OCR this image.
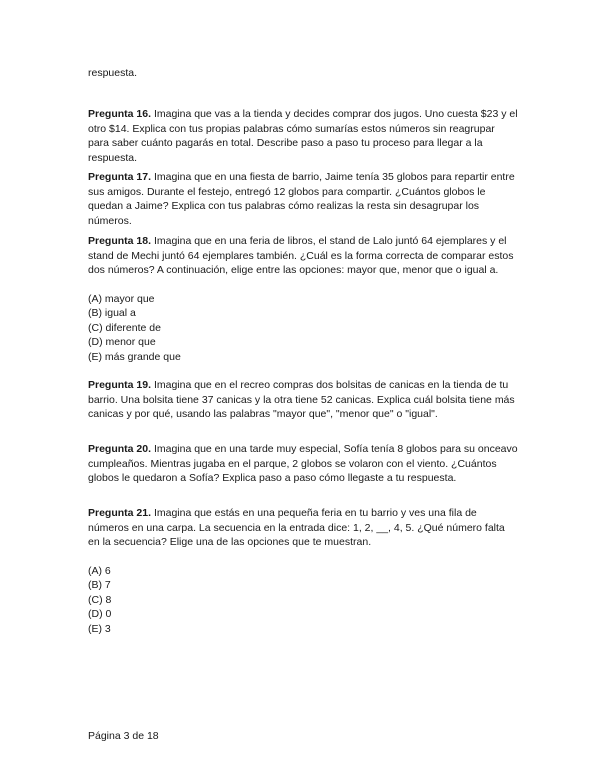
respuesta.

Pregunta 16. Imagina que vas a la tienda y decides comprar dos jugos. Uno cuesta $23 y el otro $14. Explica con tus propias palabras cómo sumarías estos números sin reagrupar para saber cuánto pagarás en total. Describe paso a paso tu proceso para llegar a la respuesta.

Pregunta 17. Imagina que en una fiesta de barrio, Jaime tenía 35 globos para repartir entre sus amigos. Durante el festejo, entregó 12 globos para compartir. ¿Cuántos globos le quedan a Jaime? Explica con tus palabras cómo realizas la resta sin desagrupar los números.

Pregunta 18. Imagina que en una feria de libros, el stand de Lalo juntó 64 ejemplares y el stand de Mechi juntó 64 ejemplares también. ¿Cuál es la forma correcta de comparar estos dos números? A continuación, elige entre las opciones: mayor que, menor que o igual a.

(A) mayor que
(B) igual a
(C) diferente de
(D) menor que
(E) más grande que

Pregunta 19. Imagina que en el recreo compras dos bolsitas de canicas en la tienda de tu barrio. Una bolsita tiene 37 canicas y la otra tiene 52 canicas. Explica cuál bolsita tiene más canicas y por qué, usando las palabras "mayor que", "menor que" o "igual".

Pregunta 20. Imagina que en una tarde muy especial, Sofía tenía 8 globos para su onceavo cumpleaños. Mientras jugaba en el parque, 2 globos se volaron con el viento. ¿Cuántos globos le quedaron a Sofía? Explica paso a paso cómo llegaste a tu respuesta.

Pregunta 21. Imagina que estás en una pequeña feria en tu barrio y ves una fila de números en una carpa. La secuencia en la entrada dice: 1, 2, __, 4, 5. ¿Qué número falta en la secuencia? Elige una de las opciones que te muestran.

(A) 6
(B) 7
(C) 8
(D) 0
(E) 3
Página 3 de 18
